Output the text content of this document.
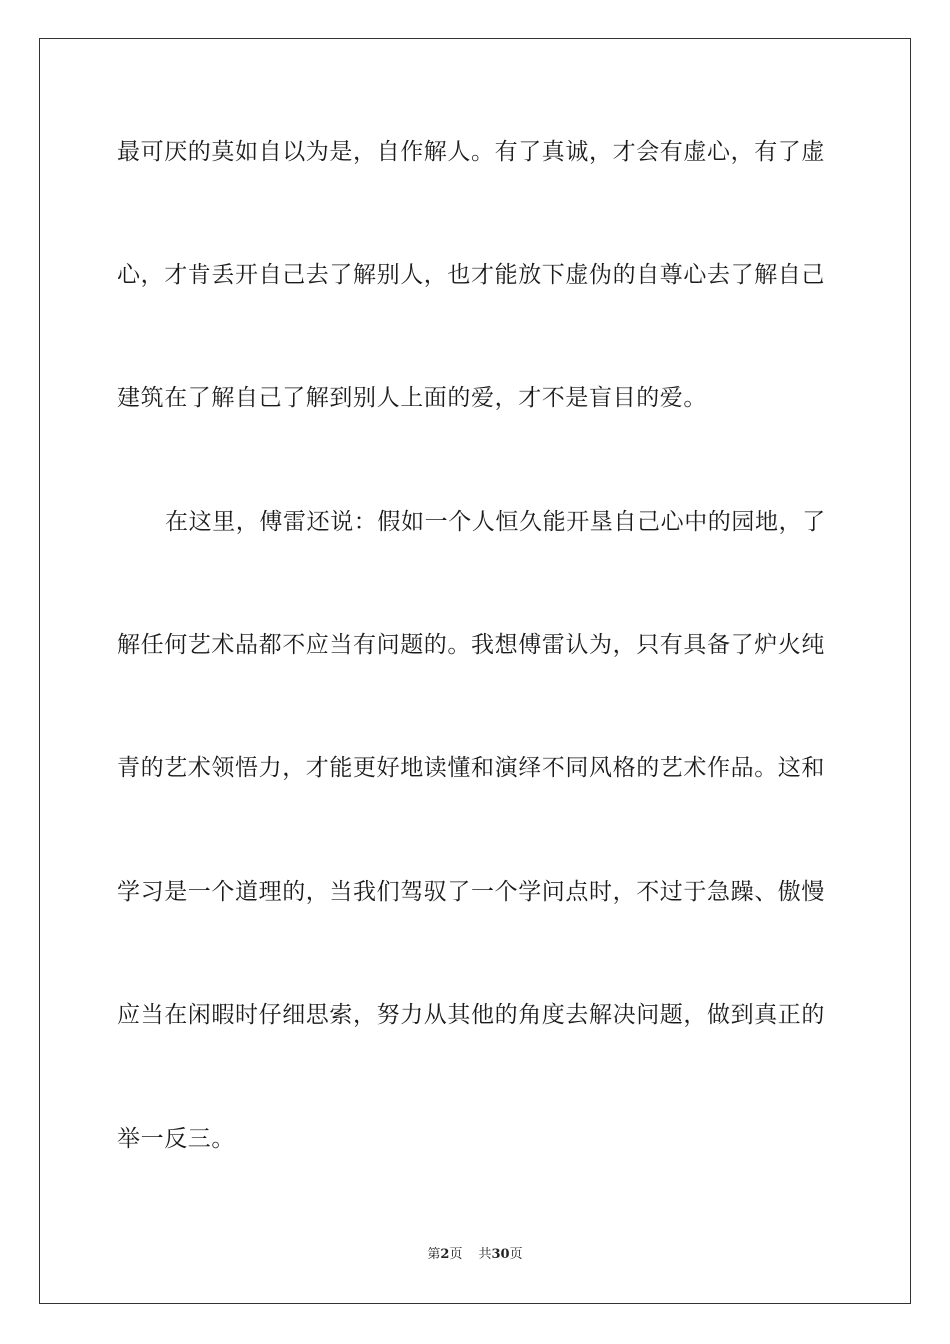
最可厌的莫如自以为是，自作解人。有了真诚，才会有虚心，有了虚
心，才肯丢开自己去了解别人，也才能放下虚伪的自尊心去了解自己
建筑在了解自己了解到别人上面的爱，才不是盲目的爱。
在这里，傅雷还说：假如一个人恒久能开垦自己心中的园地，了
解任何艺术品都不应当有问题的。我想傅雷认为，只有具备了炉火纯
青的艺术领悟力，才能更好地读懂和演绎不同风格的艺术作品。这和
学习是一个道理的，当我们驾驭了一个学问点时，不过于急躁、傲慢
应当在闲暇时仔细思索，努力从其他的角度去解决问题，做到真正的
举一反三。
第2页 共30页
